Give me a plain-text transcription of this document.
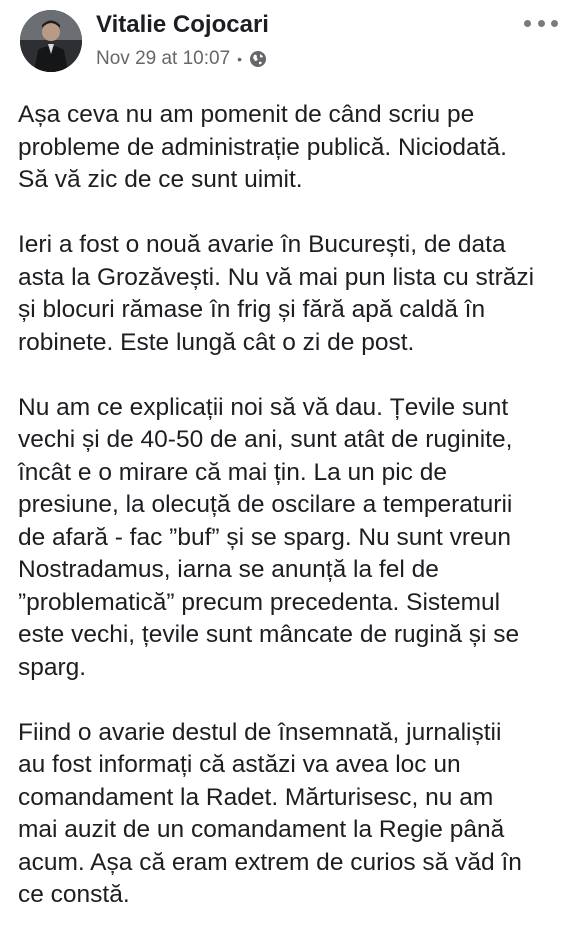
Vitalie Cojocari
Nov 29 at 10:07 •

Așa ceva nu am pomenit de când scriu pe
probleme de administrație publică. Niciodată.
Să vă zic de ce sunt uimit.

Ieri a fost o nouă avarie în București, de data
asta la Grozăvești. Nu vă mai pun lista cu străzi
și blocuri rămase în frig și fără apă caldă în
robinete. Este lungă cât o zi de post.

Nu am ce explicații noi să vă dau. Țevile sunt
vechi și de 40-50 de ani, sunt atât de ruginite,
încât e o mirare că mai țin. La un pic de
presiune, la olecuță de oscilare a temperaturii
de afară - fac ”buf” și se sparg. Nu sunt vreun
Nostradamus, iarna se anunță la fel de
”problematică” precum precedenta. Sistemul
este vechi, țevile sunt mâncate de rugină și se
sparg.

Fiind o avarie destul de însemnată, jurnaliștii
au fost informați că astăzi va avea loc un
comandament la Radet. Mărturisesc, nu am
mai auzit de un comandament la Regie până
acum. Așa că eram extrem de curios să văd în
ce constă.
